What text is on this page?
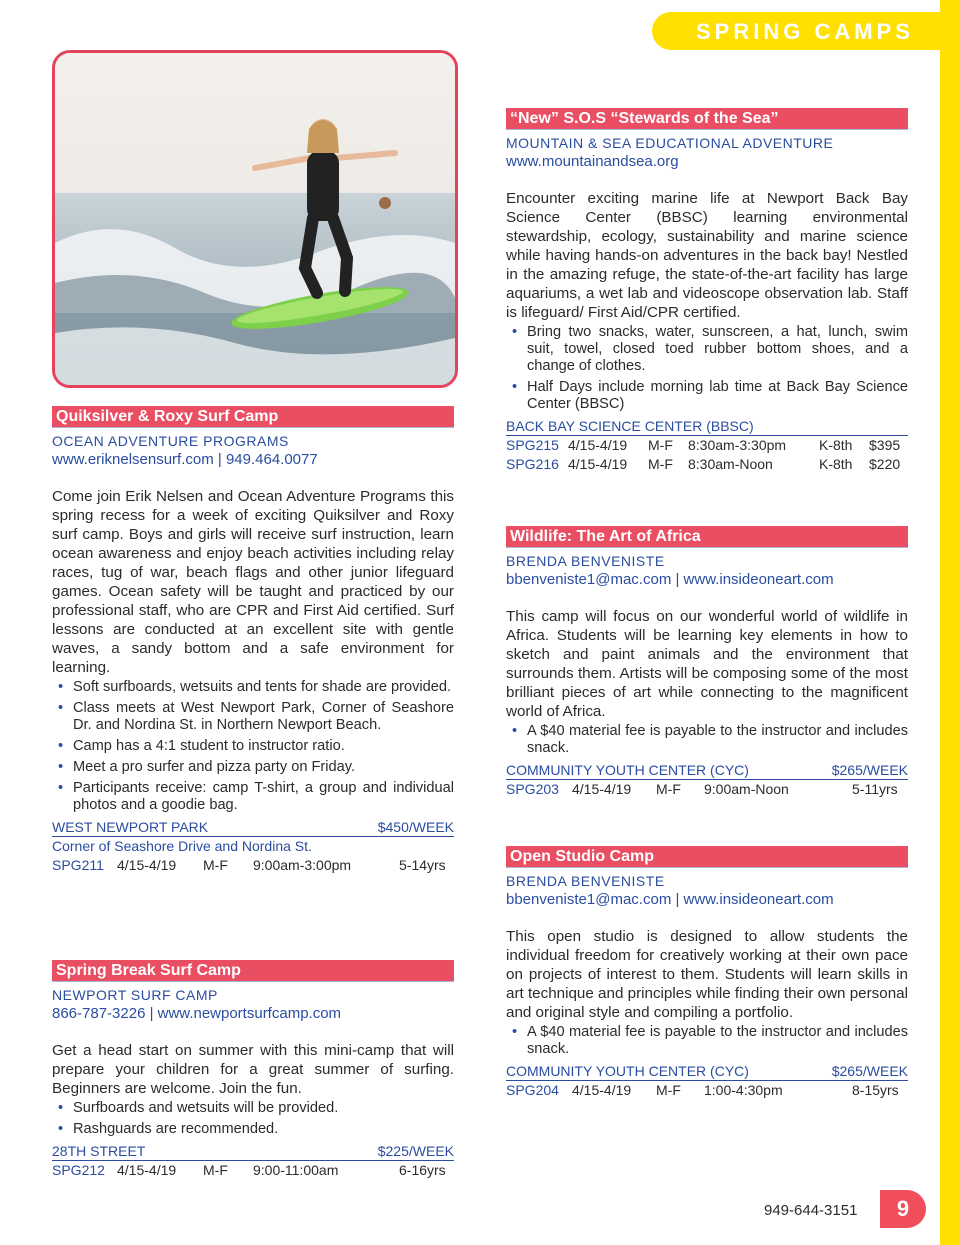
SPRING CAMPS
Quiksilver & Roxy Surf Camp
OCEAN ADVENTURE PROGRAMS
www.eriknelsensurf.com | 949.464.0077
Come join Erik Nelsen and Ocean Adventure Programs this spring recess for a week of exciting Quiksilver and Roxy surf camp. Boys and girls will receive surf instruction, learn ocean awareness and enjoy beach activities including relay races, tug of war, beach flags and other junior lifeguard games. Ocean safety will be taught and practiced by our professional staff, who are CPR and First Aid certified. Surf lessons are conducted at an excellent site with gentle waves, a sandy bottom and a safe environment for learning.
• Soft surfboards, wetsuits and tents for shade are provided.
• Class meets at West Newport Park, Corner of Seashore Dr. and Nordina St. in Northern Newport Beach.
• Camp has a 4:1 student to instructor ratio.
• Meet a pro surfer and pizza party on Friday.
• Participants receive: camp T-shirt, a group and individual photos and a goodie bag.
WEST NEWPORT PARK	$450/WEEK
Corner of Seashore Drive and Nordina St.
SPG211 4/15-4/19	M-F	9:00am-3:00pm	5-14yrs
Spring Break Surf Camp
NEWPORT SURF CAMP
866-787-3226 | www.newportsurfcamp.com
Get a head start on summer with this mini-camp that will prepare your children for a great summer of surfing. Beginners are welcome. Join the fun.
• Surfboards and wetsuits will be provided.
• Rashguards are recommended.
28TH STREET	$225/WEEK
SPG212 4/15-4/19	M-F	9:00-11:00am	6-16yrs
“New” S.O.S “Stewards of the Sea”
MOUNTAIN & SEA EDUCATIONAL ADVENTURE
www.mountainandsea.org
Encounter exciting marine life at Newport Back Bay Science Center (BBSC) learning environmental stewardship, ecology, sustainability and marine science while having hands-on adventures in the back bay! Nestled in the amazing refuge, the state-of-the-art facility has large aquariums, a wet lab and videoscope observation lab. Staff is lifeguard/ First Aid/CPR certified.
• Bring two snacks, water, sunscreen, a hat, lunch, swim suit, towel, closed toed rubber bottom shoes, and a change of clothes.
• Half Days include morning lab time at Back Bay Science Center (BBSC)
BACK BAY SCIENCE CENTER (BBSC)
SPG215 4/15-4/19	M-F	8:30am-3:30pm	K-8th	$395
SPG216 4/15-4/19	M-F	8:30am-Noon	K-8th	$220
Wildlife: The Art of Africa
BRENDA BENVENISTE
bbenveniste1@mac.com | www.insideoneart.com
This camp will focus on our wonderful world of wildlife in Africa. Students will be learning key elements in how to sketch and paint animals and the environment that surrounds them. Artists will be composing some of the most brilliant pieces of art while connecting to the magnificent world of Africa.
• A $40 material fee is payable to the instructor and includes snack.
COMMUNITY YOUTH CENTER (CYC)	$265/WEEK
SPG203 4/15-4/19	M-F	9:00am-Noon	5-11yrs
Open Studio Camp
BRENDA BENVENISTE
bbenveniste1@mac.com | www.insideoneart.com
This open studio is designed to allow students the individual freedom for creatively working at their own pace on projects of interest to them. Students will learn skills in art technique and principles while finding their own personal and original style and compiling a portfolio.
• A $40 material fee is payable to the instructor and includes snack.
COMMUNITY YOUTH CENTER (CYC)	$265/WEEK
SPG204 4/15-4/19	M-F	1:00-4:30pm	8-15yrs
949-644-3151	9
